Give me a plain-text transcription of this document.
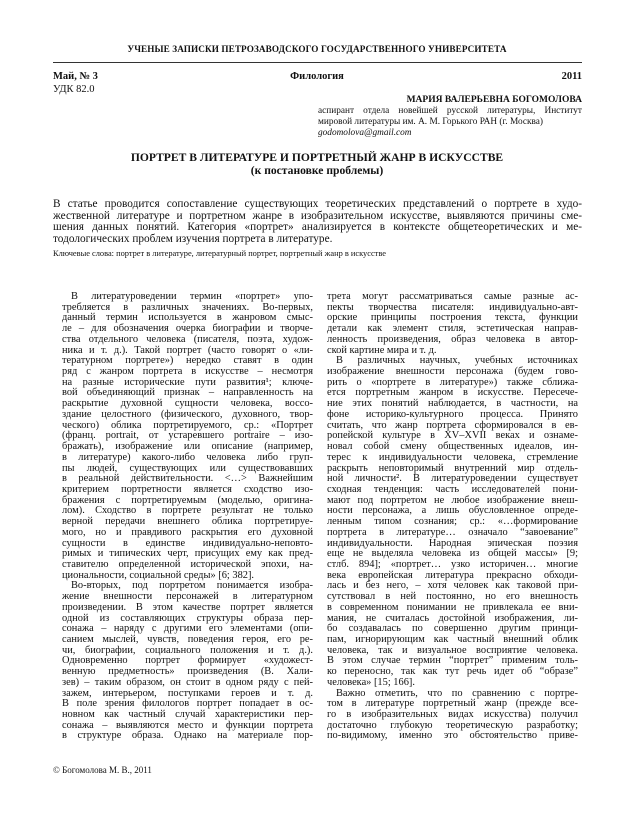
УЧЕНЫЕ ЗАПИСКИ ПЕТРОЗАВОДСКОГО ГОСУДАРСТВЕННОГО УНИВЕРСИТЕТА
Май, № 3	Филология	2011
УДК 82.0
МАРИЯ ВАЛЕРЬЕВНА БОГОМОЛОВА
аспирант отдела новейшей русской литературы, Институт
мировой литературы им. А. М. Горького РАН (г. Москва)
godomolova@gmail.com
ПОРТРЕТ В ЛИТЕРАТУРЕ И ПОРТРЕТНЫЙ ЖАНР В ИСКУССТВЕ
(к постановке проблемы)
В статье проводится сопоставление существующих теоретических представлений о портрете в худо-
жественной литературе и портретном жанре в изобразительном искусстве, выявляются причины сме-
шения данных понятий. Категория «портрет» анализируется в контексте общетеоретических и ме-
тодологических проблем изучения портрета в литературе.
Ключевые слова: портрет в литературе, литературный портрет, портретный жанр в искусстве
В литературоведении термин «портрет» упо-
требляется в различных значениях. Во-первых,
данный термин используется в жанровом смыс-
ле – для обозначения очерка биографии и творче-
ства отдельного человека (писателя, поэта, худож-
ника и т. д.). Такой портрет (часто говорят о «ли-
тературном портрете») нередко ставят в один
ряд с жанром портрета в искусстве – несмотря
на разные исторические пути развития¹; ключе-
вой объединяющий признак – направленность на
раскрытие духовной сущности человека, воссо-
здание целостного (физического, духовного, твор-
ческого) облика портретируемого, ср.: «Портрет
(франц. portrait, от устаревшего portraire – изо-
бражать), изображение или описание (например,
в литературе) какого-либо человека либо груп-
пы людей, существующих или существовавших
в реальной действительности. <…> Важнейшим
критерием портретности является сходство изо-
бражения с портретируемым (моделью, оригина-
лом). Сходство в портрете результат не только
верной передачи внешнего облика портретируе-
мого, но и правдивого раскрытия его духовной
сущности в единстве индивидуально-неповто-
римых и типических черт, присущих ему как пред-
ставителю определенной исторической эпохи, на-
циональности, социальной среды» [6; 382].
Во-вторых, под портретом понимается изобра-
жение внешности персонажей в литературном
произведении. В этом качестве портрет является
одной из составляющих структуры образа пер-
сонажа – наряду с другими его элементами (опи-
санием мыслей, чувств, поведения героя, его ре-
чи, биографии, социального положения и т. д.).
Одновременно портрет формирует «художест-
венную предметность» произведения (В. Хали-
зев) – таким образом, он стоит в одном ряду с пей-
зажем, интерьером, поступками героев и т. д.
В поле зрения филологов портрет попадает в ос-
новном как частный случай характеристики пер-
сонажа – выявляются место и функции портрета
в структуре образа. Однако на материале пор-
трета могут рассматриваться самые разные ас-
пекты творчества писателя: индивидуально-авт-
орские принципы построения текста, функции
детали как элемент стиля, эстетическая направ-
ленность произведения, образ человека в автор-
ской картине мира и т. д.
В различных научных, учебных источниках
изображение внешности персонажа (будем гово-
рить о «портрете в литературе») также сближа-
ется портретным жанром в искусстве. Пересече-
ние этих понятий наблюдается, в частности, на
фоне историко-культурного процесса. Принято
считать, что жанр портрета сформировался в ев-
ропейской культуре в XV–XVII веках и ознаме-
новал собой смену общественных идеалов, ин-
терес к индивидуальности человека, стремление
раскрыть неповторимый внутренний мир отдель-
ной личности². В литературоведении существует
сходная тенденция: часть исследователей пони-
мают под портретом не любое изображение внеш-
ности персонажа, а лишь обусловленное опреде-
ленным типом сознания; ср.: «…формирование
портрета в литературе… означало “завоевание”
индивидуальности. Народная эпическая поэзия
еще не выделяла человека из общей массы» [9;
стлб. 894]; «портрет… узко историчен… многие
века европейская литература прекрасно обходи-
лась и без него, – хотя человек как таковой при-
сутствовал в ней постоянно, но его внешность
в современном понимании не привлекала ее вни-
мания, не считалась достойной изображения, ли-
бо создавалась по совершенно другим принци-
пам, игнорирующим как частный внешний облик
человека, так и визуальное восприятие человека.
В этом случае термин “портрет” применим толь-
ко переносно, так как тут речь идет об “образе”
человека» [15; 166].
Важно отметить, что по сравнению с портре-
том в литературе портретный жанр (прежде все-
го в изобразительных видах искусства) получил
достаточно глубокую теоретическую разработку;
по-видимому, именно это обстоятельство приве-
© Богомолова М. В., 2011
